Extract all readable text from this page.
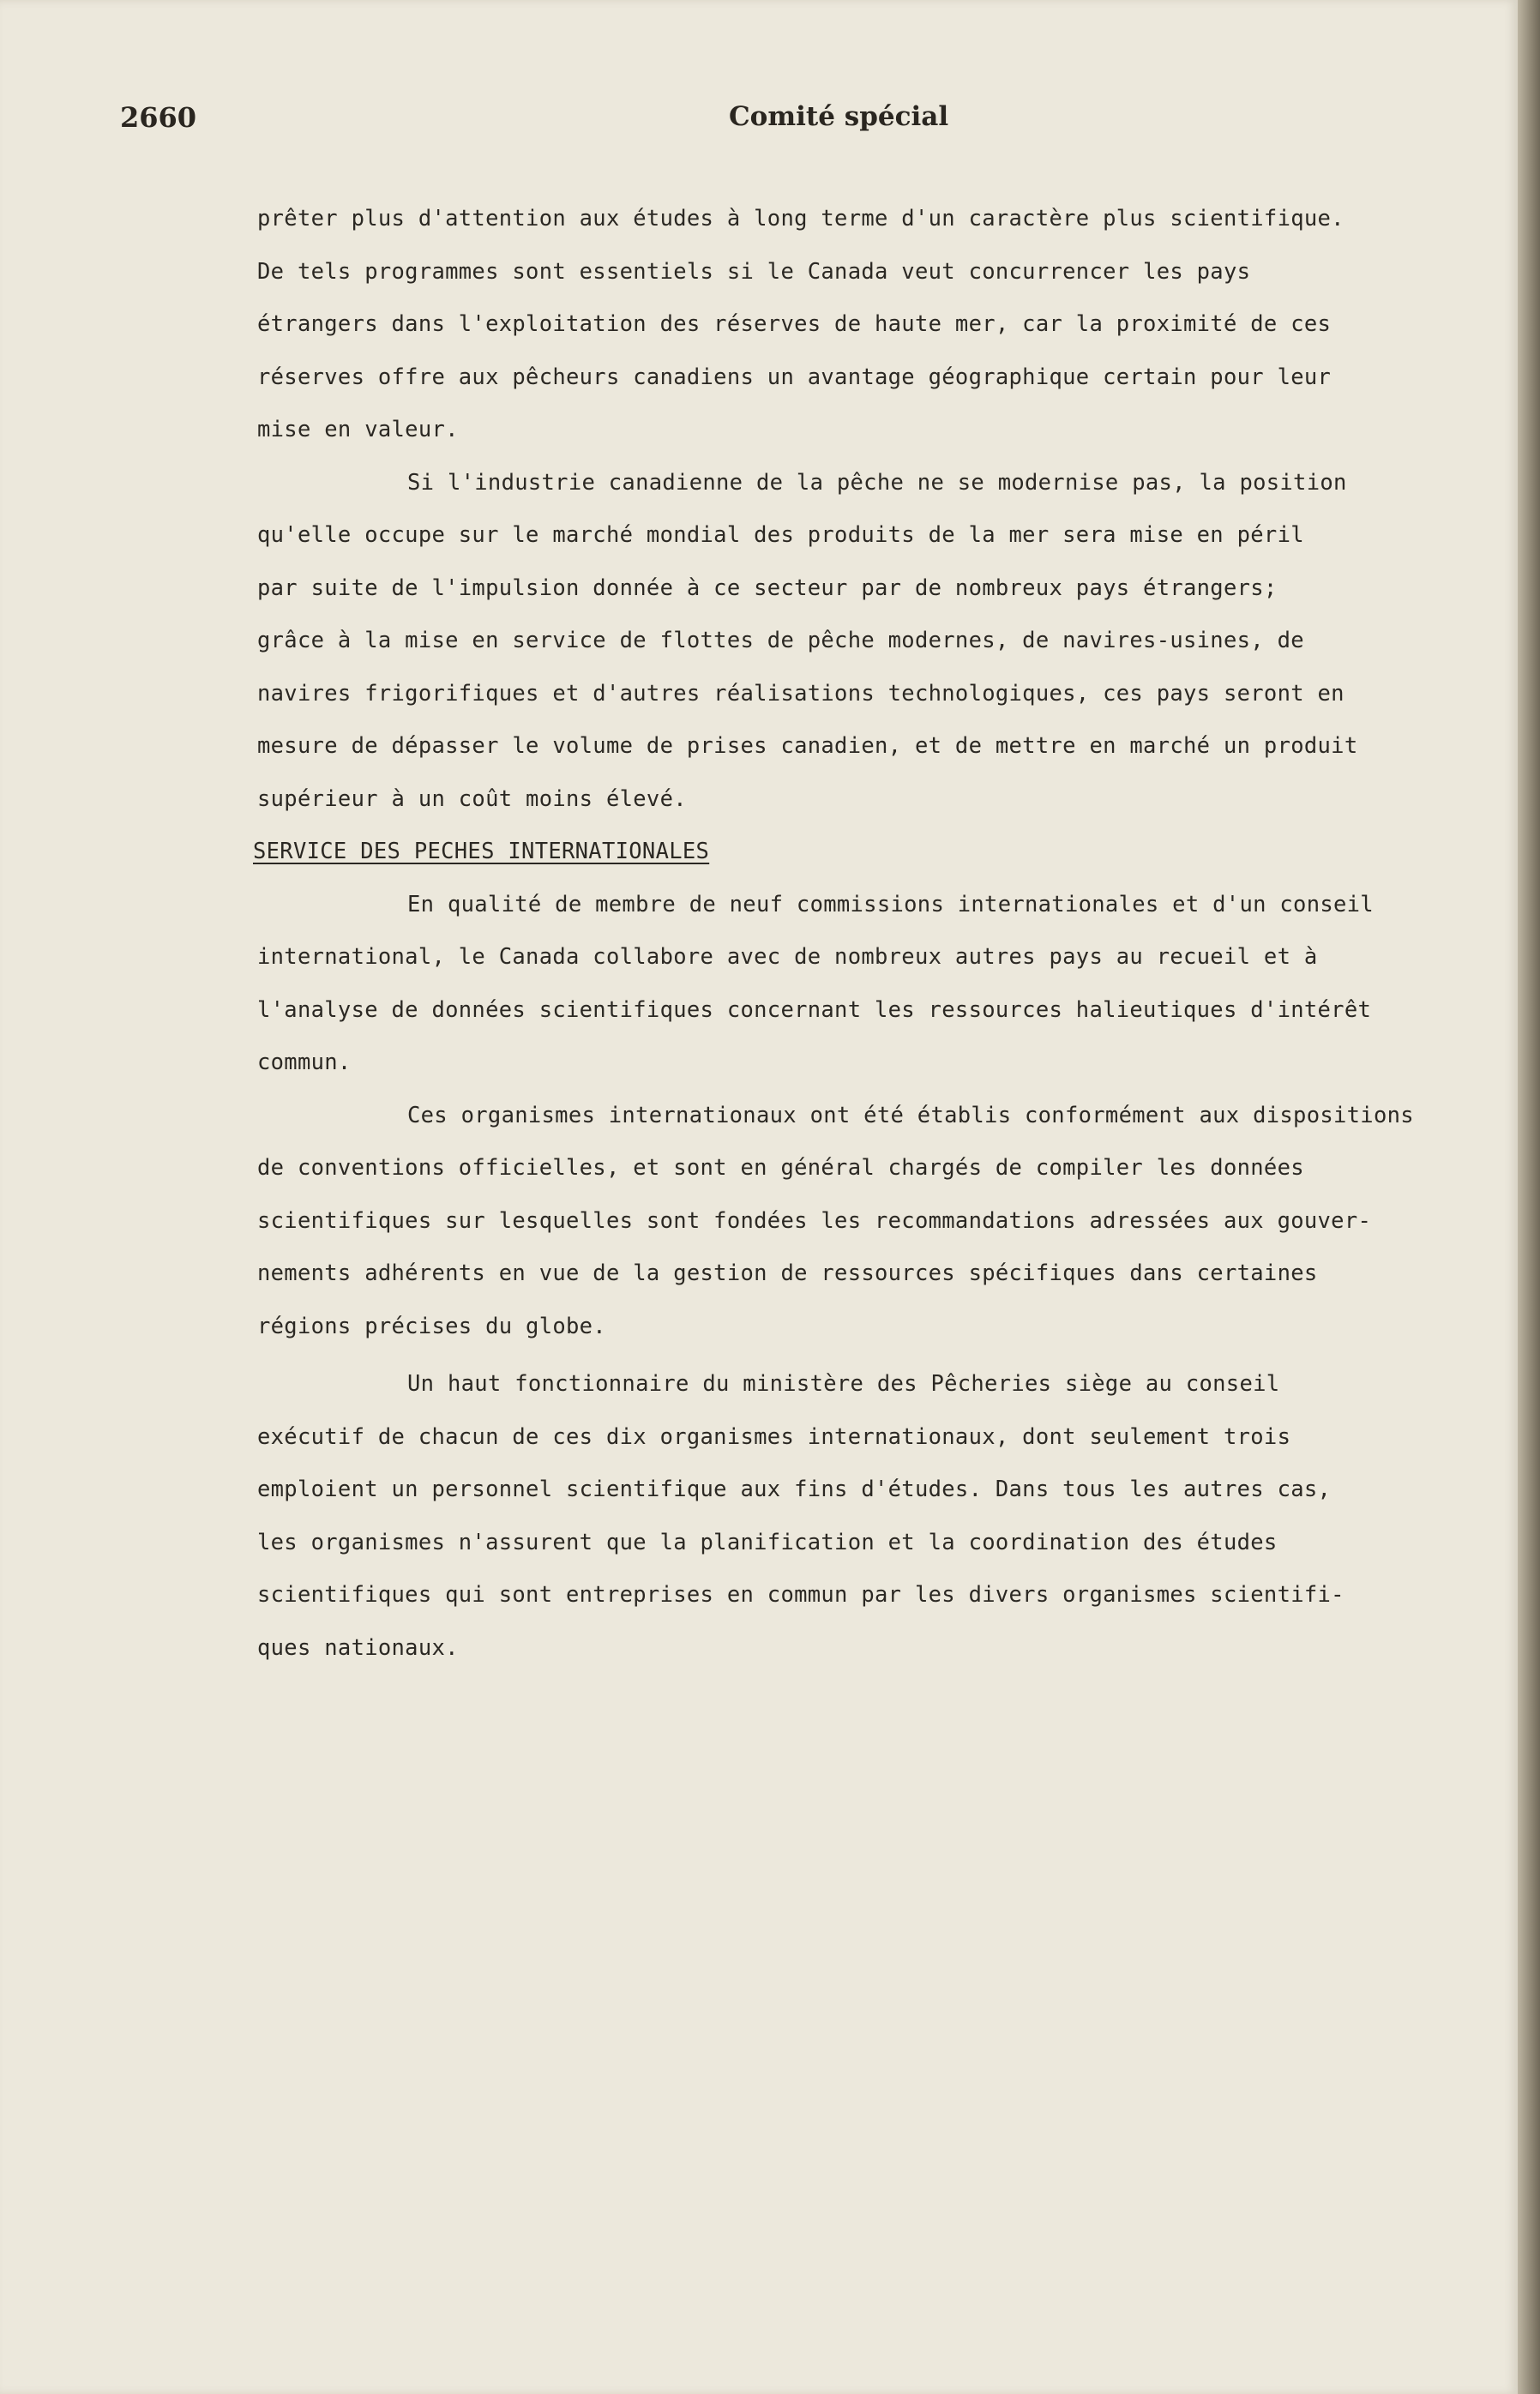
2660	Comité spécial
prêter plus d'attention aux études à long terme d'un caractère plus scientifique.
De tels programmes sont essentiels si le Canada veut concurrencer les pays
étrangers dans l'exploitation des réserves de haute mer, car la proximité de ces
réserves offre aux pêcheurs canadiens un avantage géographique certain pour leur
mise en valeur.
Si l'industrie canadienne de la pêche ne se modernise pas, la position
qu'elle occupe sur le marché mondial des produits de la mer sera mise en péril
par suite de l'impulsion donnée à ce secteur par de nombreux pays étrangers;
grâce à la mise en service de flottes de pêche modernes, de navires-usines, de
navires frigorifiques et d'autres réalisations technologiques, ces pays seront en
mesure de dépasser le volume de prises canadien, et de mettre en marché un produit
supérieur à un coût moins élevé.
SERVICE DES PECHES INTERNATIONALES
En qualité de membre de neuf commissions internationales et d'un conseil
international, le Canada collabore avec de nombreux autres pays au recueil et à
l'analyse de données scientifiques concernant les ressources halieutiques d'intérêt
commun.
Ces organismes internationaux ont été établis conformément aux dispositions
de conventions officielles, et sont en général chargés de compiler les données
scientifiques sur lesquelles sont fondées les recommandations adressées aux gouver-
nements adhérents en vue de la gestion de ressources spécifiques dans certaines
régions précises du globe.
Un haut fonctionnaire du ministère des Pêcheries siège au conseil
exécutif de chacun de ces dix organismes internationaux, dont seulement trois
emploient un personnel scientifique aux fins d'études. Dans tous les autres cas,
les organismes n'assurent que la planification et la coordination des études
scientifiques qui sont entreprises en commun par les divers organismes scientifi-
ques nationaux.
